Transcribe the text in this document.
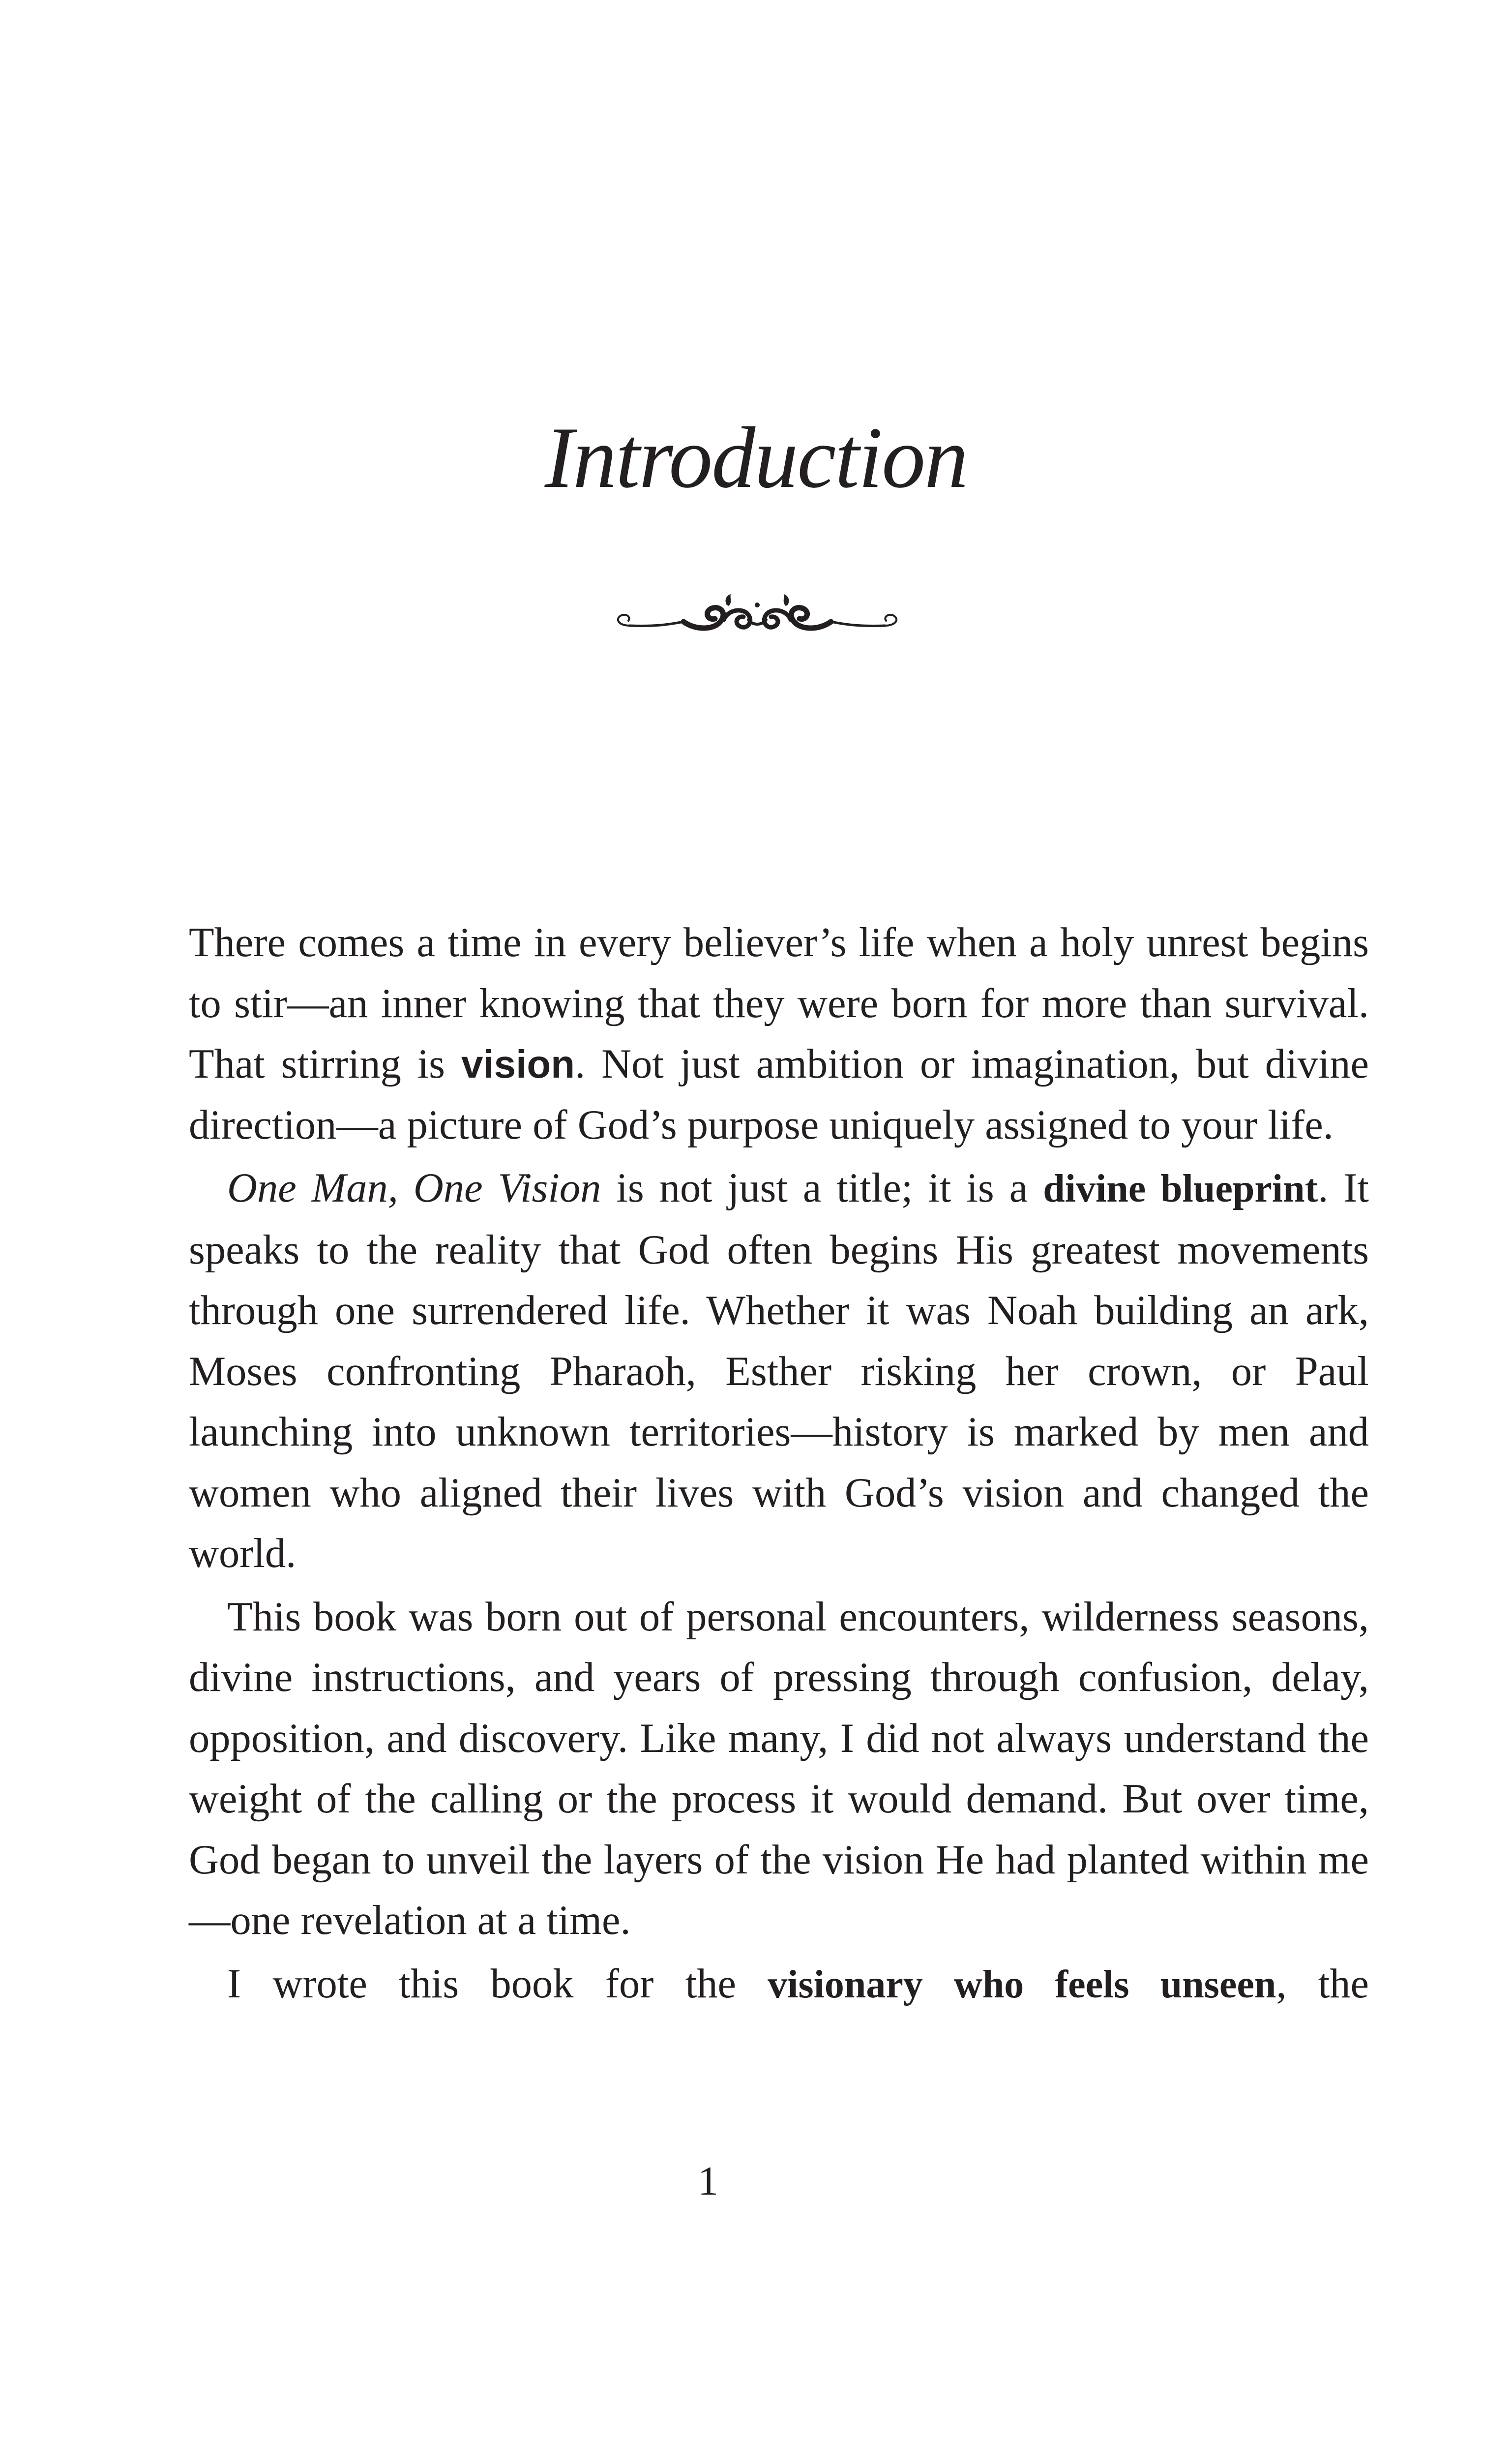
Introduction

There comes a time in every believer’s life when a holy unrest begins to stir—an inner knowing that they were born for more than survival. That stirring is vision. Not just ambition or imagination, but divine direction—a picture of God’s purpose uniquely assigned to your life.

One Man, One Vision is not just a title; it is a divine blueprint. It speaks to the reality that God often begins His greatest movements through one surrendered life. Whether it was Noah building an ark, Moses confronting Pharaoh, Esther risking her crown, or Paul launching into unknown territories—history is marked by men and women who aligned their lives with God’s vision and changed the world.

This book was born out of personal encounters, wilderness seasons, divine instructions, and years of pressing through confusion, delay, opposition, and discovery. Like many, I did not always understand the weight of the calling or the process it would demand. But over time, God began to unveil the layers of the vision He had planted within me—one revelation at a time.

I wrote this book for the visionary who feels unseen, the

1
